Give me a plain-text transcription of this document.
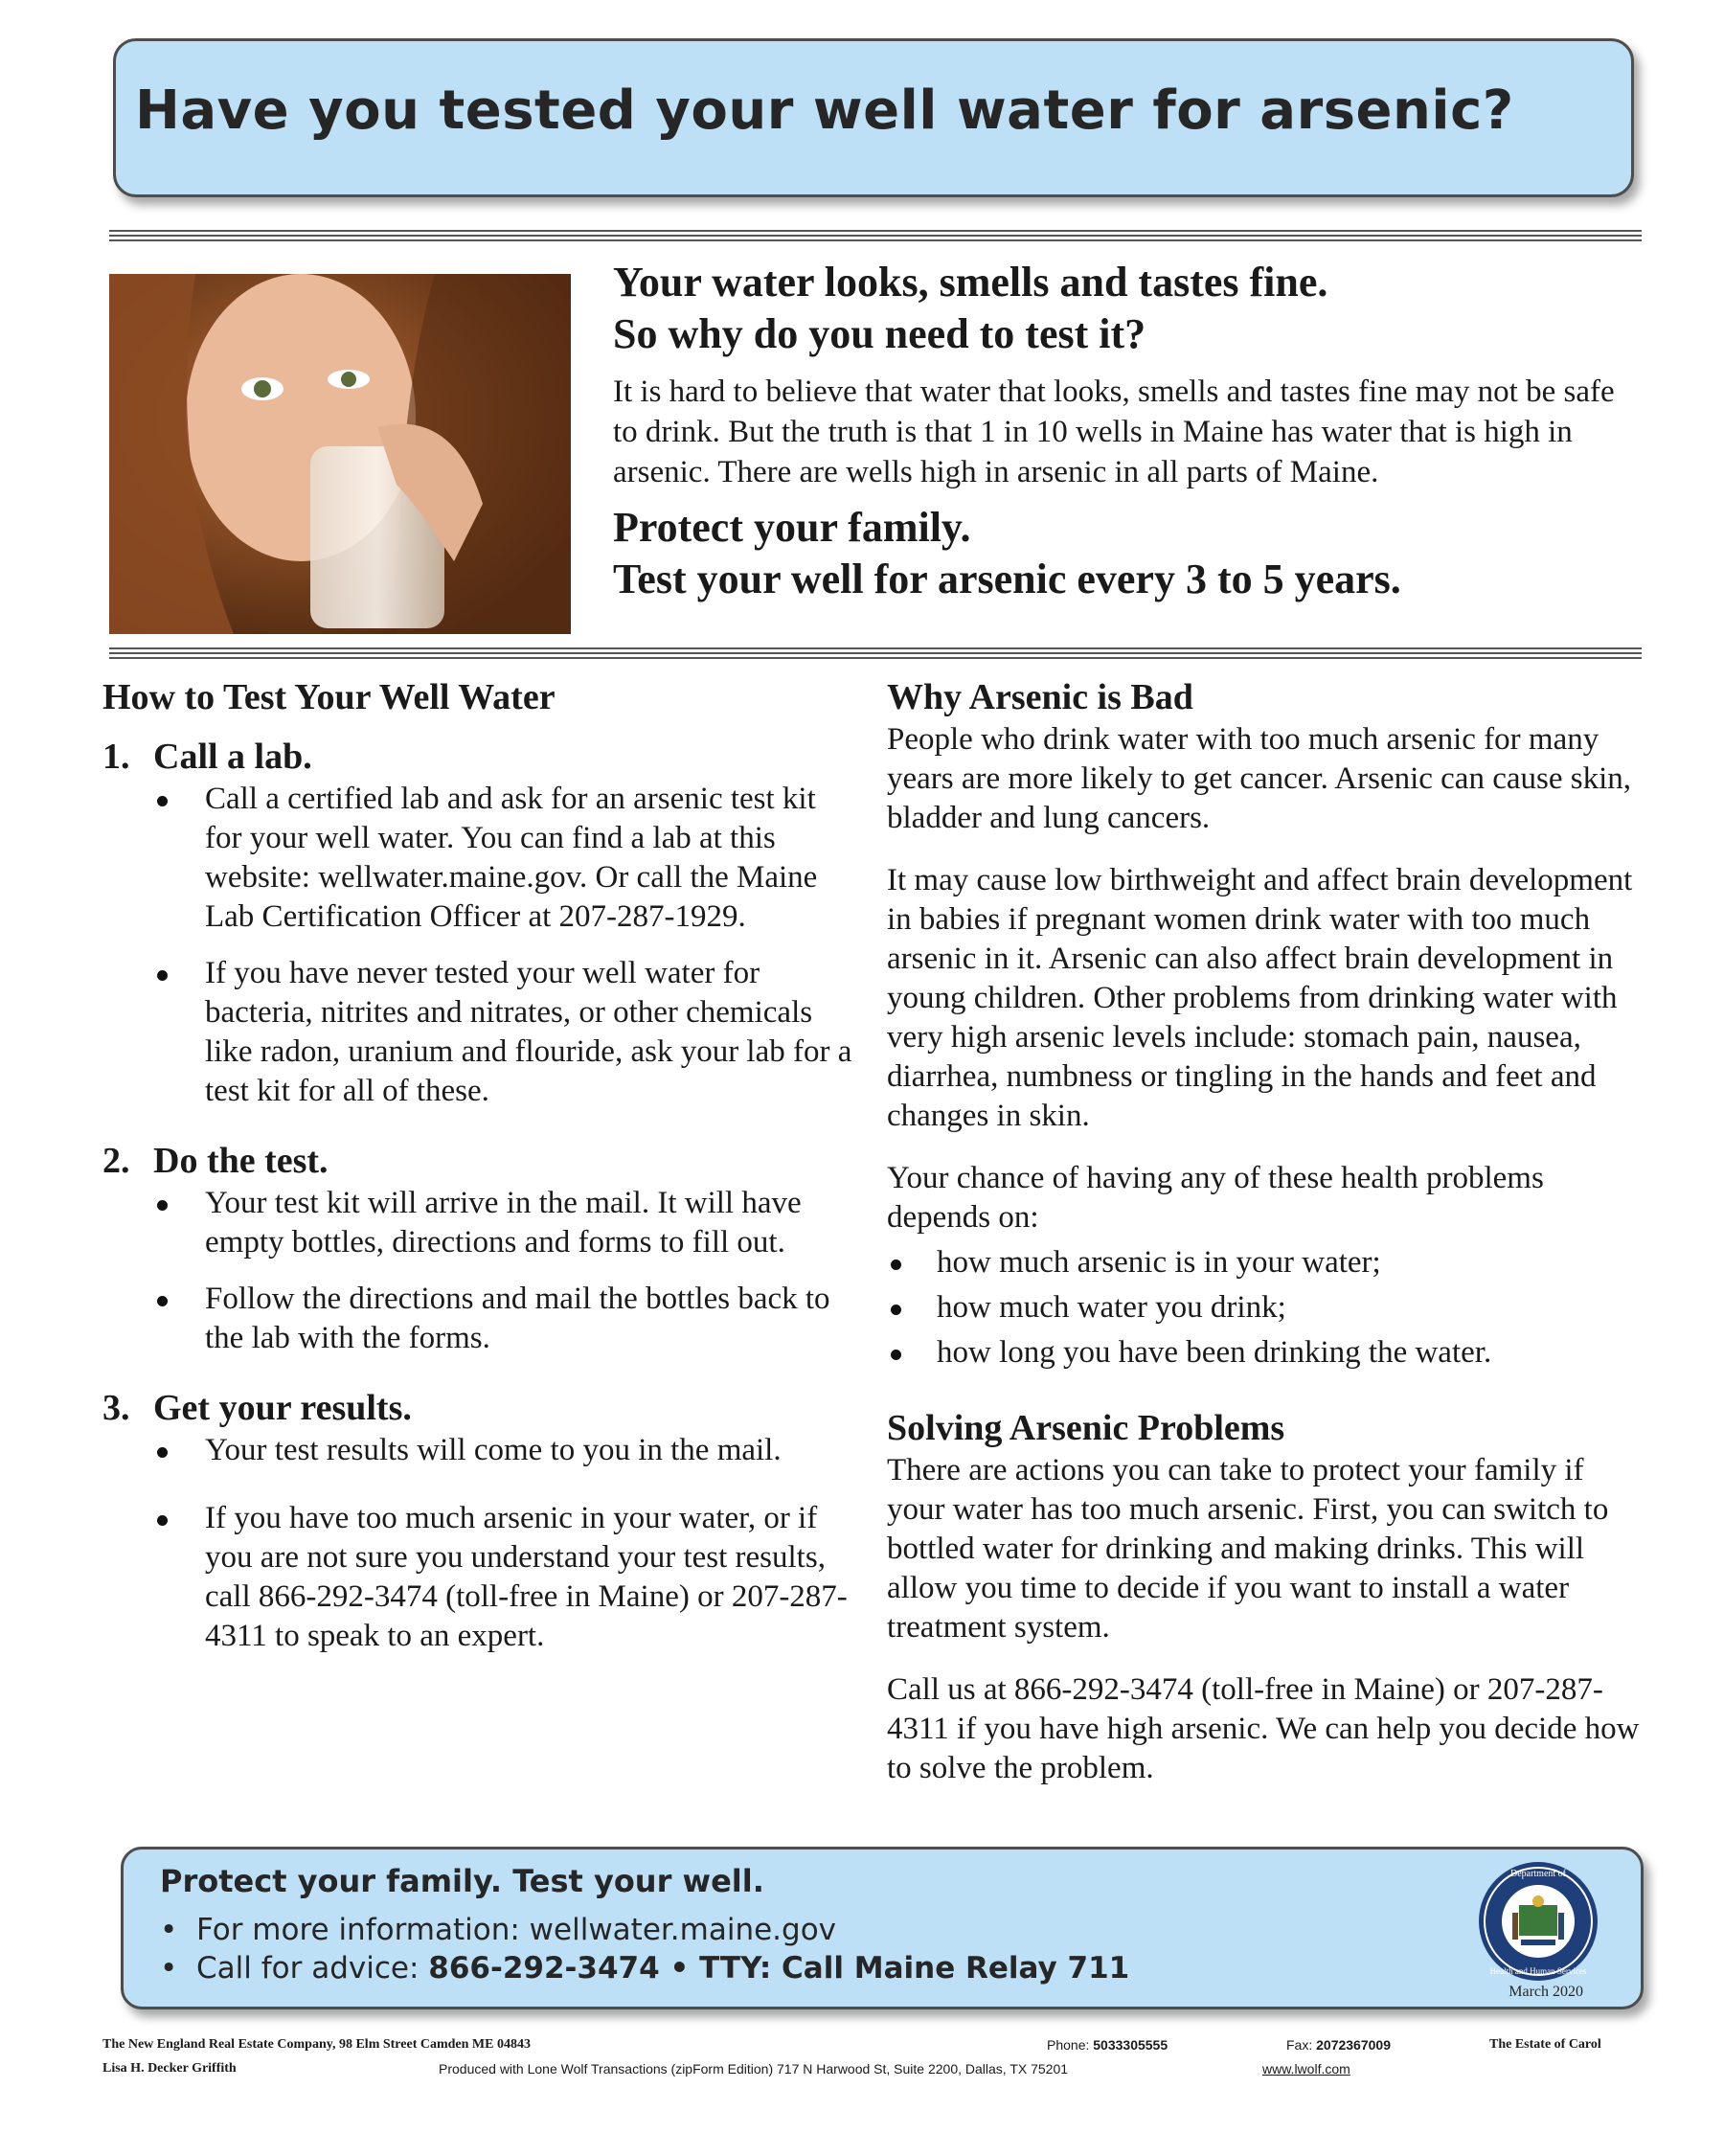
Have you tested your well water for arsenic?
Your water looks, smells and tastes fine.
So why do you need to test it?

It is hard to believe that water that looks, smells and tastes fine may not be safe to drink. But the truth is that 1 in 10 wells in Maine has water that is high in arsenic. There are wells high in arsenic in all parts of Maine.

Protect your family.
Test your well for arsenic every 3 to 5 years.
How to Test Your Well Water
1. Call a lab.
Call a certified lab and ask for an arsenic test kit for your well water. You can find a lab at this website: wellwater.maine.gov. Or call the Maine Lab Certification Officer at 207-287-1929.
If you have never tested your well water for bacteria, nitrites and nitrates, or other chemicals like radon, uranium and flouride, ask your lab for a test kit for all of these.
2. Do the test.
Your test kit will arrive in the mail. It will have empty bottles, directions and forms to fill out.
Follow the directions and mail the bottles back to the lab with the forms.
3. Get your results.
Your test results will come to you in the mail.
If you have too much arsenic in your water, or if you are not sure you understand your test results, call 866-292-3474 (toll-free in Maine) or 207-287-4311 to speak to an expert.
Why Arsenic is Bad

People who drink water with too much arsenic for many years are more likely to get cancer. Arsenic can cause skin, bladder and lung cancers.

It may cause low birthweight and affect brain development in babies if pregnant women drink water with too much arsenic in it. Arsenic can also affect brain development in young children. Other problems from drinking water with very high arsenic levels include: stomach pain, nausea, diarrhea, numbness or tingling in the hands and feet and changes in skin.

Your chance of having any of these health problems depends on:

how much arsenic is in your water;
how much water you drink;
how long you have been drinking the water.
Solving Arsenic Problems

There are actions you can take to protect your family if your water has too much arsenic. First, you can switch to bottled water for drinking and making drinks. This will allow you time to decide if you want to install a water treatment system.

Call us at 866-292-3474 (toll-free in Maine) or 207-287-4311 if you have high arsenic. We can help you decide how to solve the problem.

Protect your family. Test your well.
• For more information: wellwater.maine.gov
• Call for advice: 866-292-3474 • TTY: Call Maine Relay 711
Department of
Health and Human Services
March 2020
The New England Real Estate Company, 98 Elm Street Camden ME 04843
Lisa H. Decker Griffith
Phone: 5033305555	Fax: 2072367009	The Estate of Carol
Produced with Lone Wolf Transactions (zipForm Edition) 717 N Harwood St, Suite 2200, Dallas, TX 75201	www.lwolf.com
